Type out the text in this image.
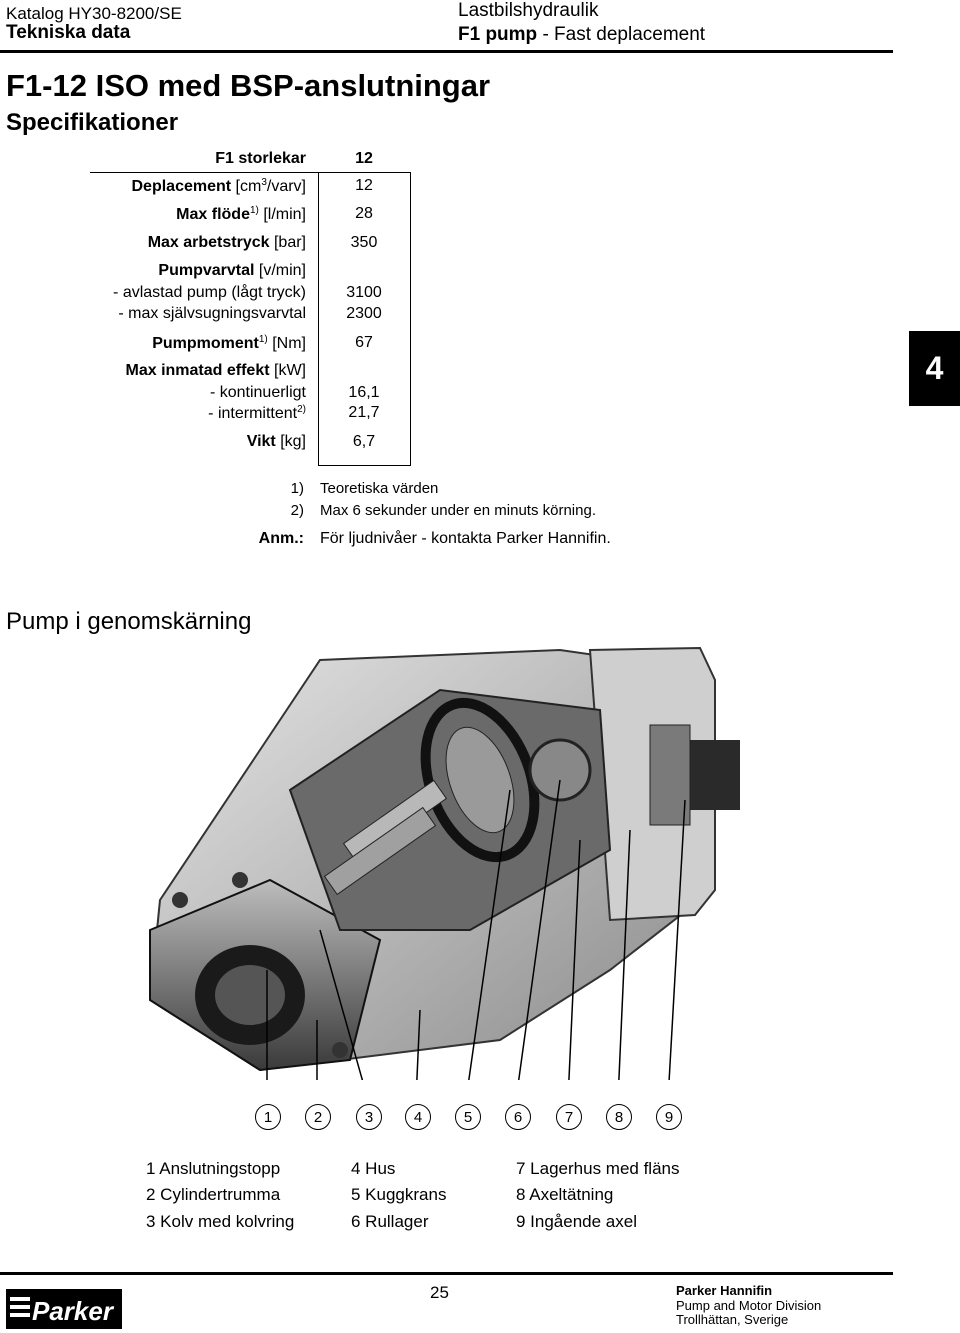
Katalog HY30-8200/SE
Tekniska data
Lastbilshydraulik
F1 pump - Fast deplacement
F1-12 ISO med BSP-anslutningar
Specifikationer
F1 storlekar	12
Deplacement $[cm^3/varv]$	12
Max flöde$^{1)}$ [l/min]	28
Max arbetstryck [bar]	350
Pumpvarvtal [v/min]
- avlastad pump (lågt tryck)	3100
- max självsugningsvarvtal	2300
Pumpmoment$^{1)}$ [Nm]	67
Max inmatad effekt [kW]
- kontinuerligt	16,1
- intermittent$^{2)}$	21,7
Vikt [kg]	6,7
4
1) Teoretiska värden
2) Max 6 sekunder under en minuts körning.
Anm.: För ljudnivåer - kontakta Parker Hannifin.
Pump i genomskärning
1	2	3	4	5	6	7	8	9
1 Anslutningstopp	4 Hus	7 Lagerhus med fläns
2 Cylindertrumma	5 Kuggkrans	8 Axeltätning
3 Kolv med kolvring	6 Rullager	9 Ingående axel
Parker
25	Parker Hannifin
Pump and Motor Division
Trollhättan, Sverige
